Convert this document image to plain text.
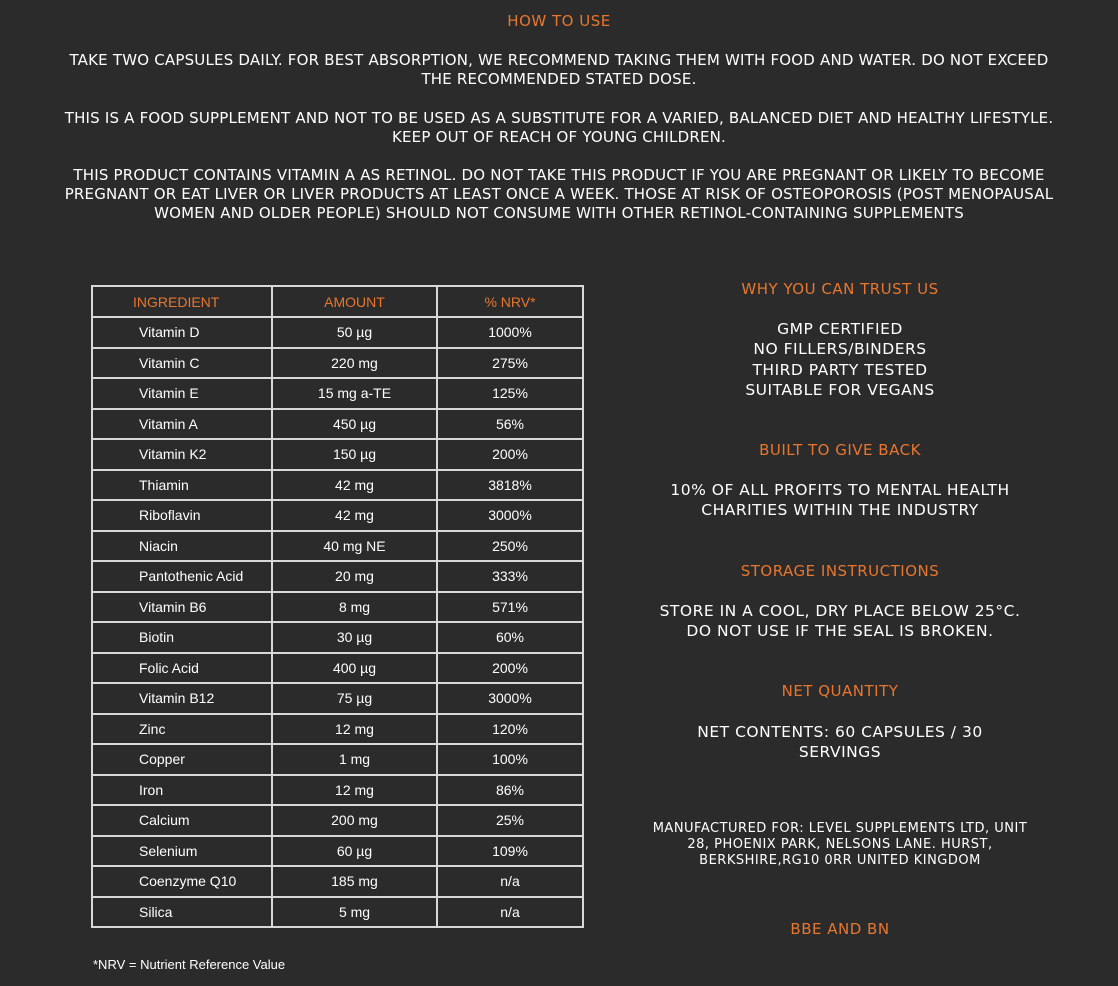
HOW TO USE
TAKE TWO CAPSULES DAILY. FOR BEST ABSORPTION, WE RECOMMEND TAKING THEM WITH FOOD AND WATER. DO NOT EXCEED THE RECOMMENDED STATED DOSE.
THIS IS A FOOD SUPPLEMENT AND NOT TO BE USED AS A SUBSTITUTE FOR A VARIED, BALANCED DIET AND HEALTHY LIFESTYLE. KEEP OUT OF REACH OF YOUNG CHILDREN.
THIS PRODUCT CONTAINS VITAMIN A AS RETINOL. DO NOT TAKE THIS PRODUCT IF YOU ARE PREGNANT OR LIKELY TO BECOME PREGNANT OR EAT LIVER OR LIVER PRODUCTS AT LEAST ONCE A WEEK. THOSE AT RISK OF OSTEOPOROSIS (POST MENOPAUSAL WOMEN AND OLDER PEOPLE) SHOULD NOT CONSUME WITH OTHER RETINOL-CONTAINING SUPPLEMENTS
INGREDIENT	AMOUNT	% NRV*
Vitamin D	50 µg	1000%
Vitamin C	220 mg	275%
Vitamin E	15 mg a-TE	125%
Vitamin A	450 µg	56%
Vitamin K2	150 µg	200%
Thiamin	42 mg	3818%
Riboflavin	42 mg	3000%
Niacin	40 mg NE	250%
Pantothenic Acid	20 mg	333%
Vitamin B6	8 mg	571%
Biotin	30 µg	60%
Folic Acid	400 µg	200%
Vitamin B12	75 µg	3000%
Zinc	12 mg	120%
Copper	1 mg	100%
Iron	12 mg	86%
Calcium	200 mg	25%
Selenium	60 µg	109%
Coenzyme Q10	185 mg	n/a
Silica	5 mg	n/a
*NRV = Nutrient Reference Value
WHY YOU CAN TRUST US
GMP CERTIFIED
NO FILLERS/BINDERS
THIRD PARTY TESTED
SUITABLE FOR VEGANS
BUILT TO GIVE BACK
10% OF ALL PROFITS TO MENTAL HEALTH
CHARITIES WITHIN THE INDUSTRY
STORAGE INSTRUCTIONS
STORE IN A COOL, DRY PLACE BELOW 25°C.
DO NOT USE IF THE SEAL IS BROKEN.
NET QUANTITY
NET CONTENTS: 60 CAPSULES / 30
SERVINGS
MANUFACTURED FOR: LEVEL SUPPLEMENTS LTD, UNIT
28, PHOENIX PARK, NELSONS LANE. HURST,
BERKSHIRE,RG10 0RR UNITED KINGDOM
BBE AND BN
